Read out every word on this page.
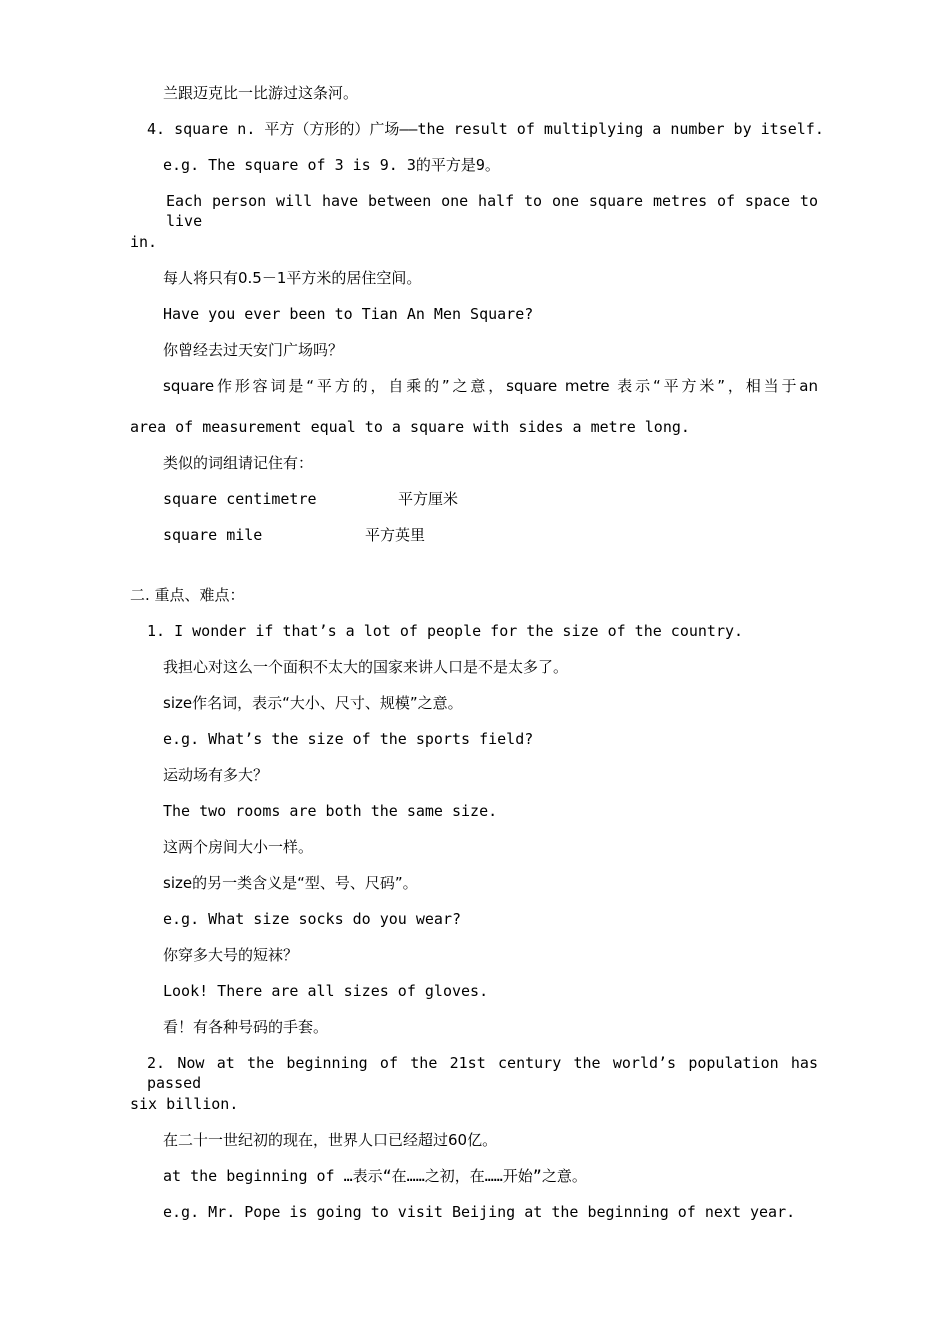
兰跟迈克比一比游过这条河。
4. square n. 平方（方形的）广场——the result of multiplying a number by itself.
e.g. The square of 3 is 9. 3的平方是9。
Each person will have between one half to one square metres of space to live
in.
每人将只有0.5－1平方米的居住空间。
Have you ever been to Tian An Men Square?
你曾经去过天安门广场吗？
square作形容词是“平方的，自乘的”之意，square metre 表示“平方米”，相当于an
area of measurement equal to a square with sides a metre long.
类似的词组请记住有：
square centimetre	平方厘米
square mile	平方英里
二. 重点、难点：
1. I wonder if that’s a lot of people for the size of the country.
我担心对这么一个面积不太大的国家来讲人口是不是太多了。
size作名词，表示“大小、尺寸、规模”之意。
e.g. What’s the size of the sports field?
运动场有多大？
The two rooms are both the same size.
这两个房间大小一样。
size的另一类含义是“型、号、尺码”。
e.g. What size socks do you wear?
你穿多大号的短袜？
Look! There are all sizes of gloves.
看！有各种号码的手套。
2. Now at the beginning of the 21st century the world’s population has passed
six billion.
在二十一世纪初的现在，世界人口已经超过60亿。
at the beginning of …表示“在……之初，在……开始”之意。
e.g. Mr. Pope is going to visit Beijing at the beginning of next year.
